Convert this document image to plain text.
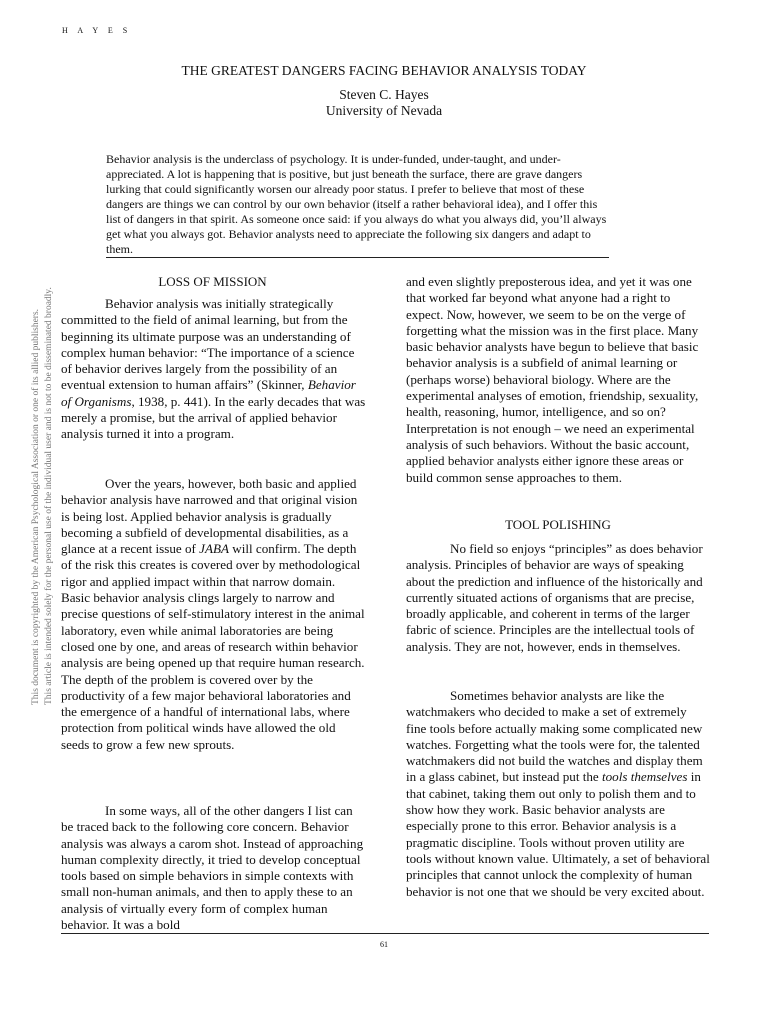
H A Y E S
THE GREATEST DANGERS FACING BEHAVIOR ANALYSIS TODAY
Steven C. Hayes
University of Nevada
Behavior analysis is the underclass of psychology. It is under-funded, under-taught, and under-appreciated. A lot is happening that is positive, but just beneath the surface, there are grave dangers lurking that could significantly worsen our already poor status. I prefer to believe that most of these dangers are things we can control by our own behavior (itself a rather behavioral idea), and I offer this list of dangers in that spirit. As someone once said: if you always do what you always did, you’ll always get what you always got. Behavior analysts need to appreciate the following six dangers and adapt to them.
LOSS OF MISSION

Behavior analysis was initially strategically committed to the field of animal learning, but from the beginning its ultimate purpose was an understanding of complex human behavior: “The importance of a science of behavior derives largely from the possibility of an eventual extension to human affairs” (Skinner, Behavior of Organisms, 1938, p. 441). In the early decades that was merely a promise, but the arrival of applied behavior analysis turned it into a program.

Over the years, however, both basic and applied behavior analysis have narrowed and that original vision is being lost. Applied behavior analysis is gradually becoming a subfield of developmental disabilities, as a glance at a recent issue of JABA will confirm. The depth of the risk this creates is covered over by methodological rigor and applied impact within that narrow domain. Basic behavior analysis clings largely to narrow and precise questions of self-stimulatory interest in the animal laboratory, even while animal laboratories are being closed one by one, and areas of research within behavior analysis are being opened up that require human research. The depth of the problem is covered over by the productivity of a few major behavioral laboratories and the emergence of a handful of international labs, where protection from political winds have allowed the old seeds to grow a few new sprouts.

In some ways, all of the other dangers I list can be traced back to the following core concern. Behavior analysis was always a carom shot. Instead of approaching human complexity directly, it tried to develop conceptual tools based on simple behaviors in simple contexts with small non-human animals, and then to apply these to an analysis of virtually every form of complex human behavior. It was a bold

and even slightly preposterous idea, and yet it was one that worked far beyond what anyone had a right to expect. Now, however, we seem to be on the verge of forgetting what the mission was in the first place. Many basic behavior analysts have begun to believe that basic behavior analysis is a subfield of animal learning or (perhaps worse) behavioral biology. Where are the experimental analyses of emotion, friendship, sexuality, health, reasoning, humor, intelligence, and so on? Interpretation is not enough – we need an experimental analysis of such behaviors. Without the basic account, applied behavior analysts either ignore these areas or build common sense approaches to them.

TOOL POLISHING

No field so enjoys “principles” as does behavior analysis. Principles of behavior are ways of speaking about the prediction and influence of the historically and currently situated actions of organisms that are precise, broadly applicable, and coherent in terms of the larger fabric of science. Principles are the intellectual tools of analysis. They are not, however, ends in themselves.

Sometimes behavior analysts are like the watchmakers who decided to make a set of extremely fine tools before actually making some complicated new watches. Forgetting what the tools were for, the talented watchmakers did not build the watches and display them in a glass cabinet, but instead put the tools themselves in that cabinet, taking them out only to polish them and to show how they work. Basic behavior analysts are especially prone to this error. Behavior analysis is a pragmatic discipline. Tools without proven utility are tools without known value. Ultimately, a set of behavioral principles that cannot unlock the complexity of human behavior is not one that we should be very excited about.

61
This document is copyrighted by the American Psychological Association or one of its allied publishers. This article is intended solely for the personal use of the individual user and is not to be disseminated broadly.
